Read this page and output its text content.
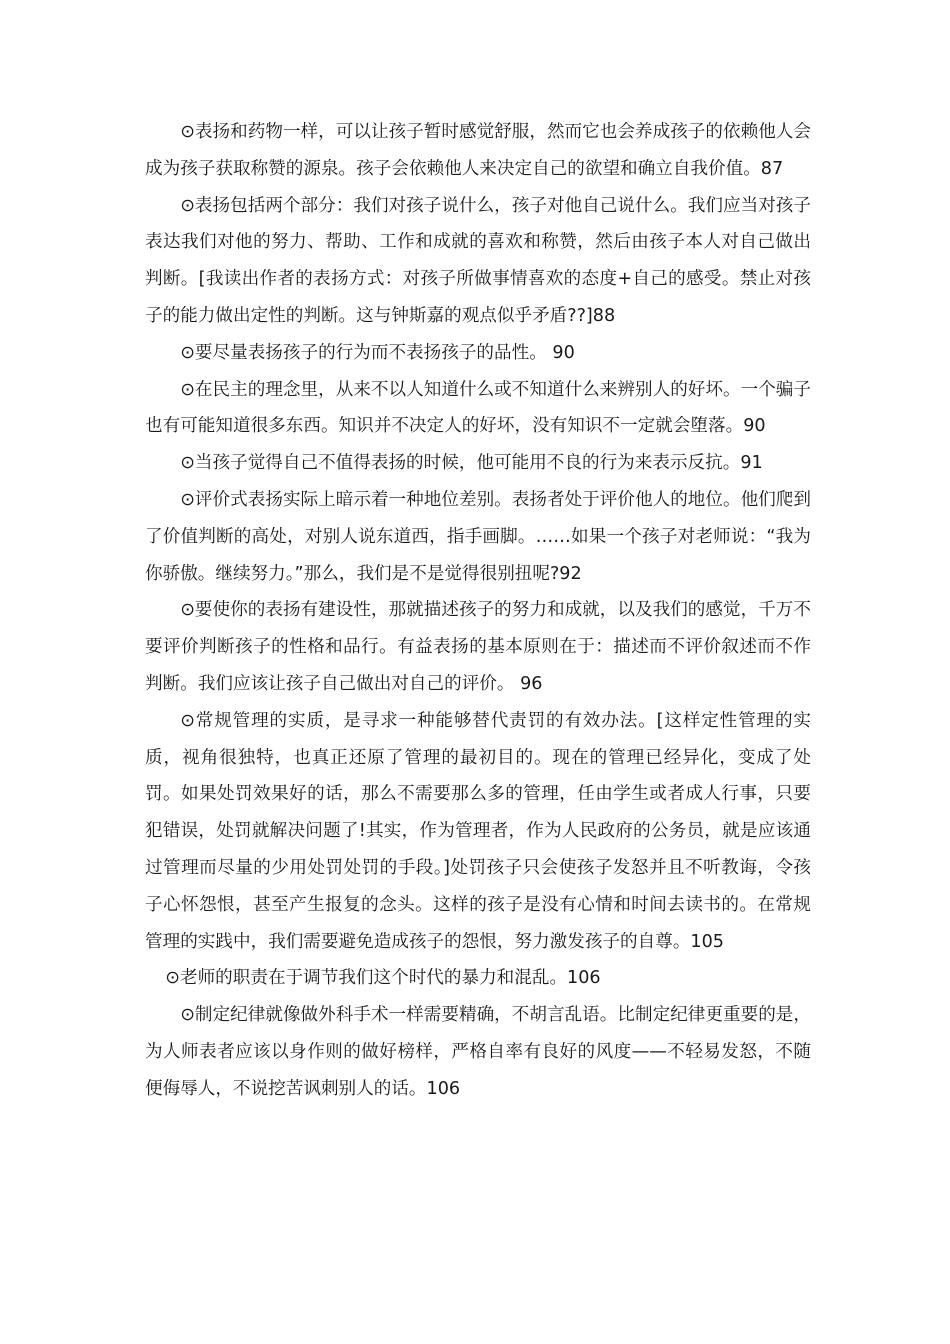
⊙表扬和药物一样，可以让孩子暂时感觉舒服，然而它也会养成孩子的依赖他人会成为孩子获取称赞的源泉。孩子会依赖他人来决定自己的欲望和确立自我价值。87

⊙表扬包括两个部分：我们对孩子说什么，孩子对他自己说什么。我们应当对孩子表达我们对他的努力、帮助、工作和成就的喜欢和称赞，然后由孩子本人对自己做出判断。[我读出作者的表扬方式：对孩子所做事情喜欢的态度+自己的感受。禁止对孩子的能力做出定性的判断。这与钟斯嘉的观点似乎矛盾??]88

⊙要尽量表扬孩子的行为而不表扬孩子的品性。 90

⊙在民主的理念里，从来不以人知道什么或不知道什么来辨别人的好坏。一个骗子也有可能知道很多东西。知识并不决定人的好坏，没有知识不一定就会堕落。90

⊙当孩子觉得自己不值得表扬的时候，他可能用不良的行为来表示反抗。91

⊙评价式表扬实际上暗示着一种地位差别。表扬者处于评价他人的地位。他们爬到了价值判断的高处，对别人说东道西，指手画脚。……如果一个孩子对老师说：“我为你骄傲。继续努力。”那么，我们是不是觉得很别扭呢?92

⊙要使你的表扬有建设性，那就描述孩子的努力和成就，以及我们的感觉，千万不要评价判断孩子的性格和品行。有益表扬的基本原则在于：描述而不评价叙述而不作判断。我们应该让孩子自己做出对自己的评价。 96

⊙常规管理的实质，是寻求一种能够替代责罚的有效办法。[这样定性管理的实质，视角很独特，也真正还原了管理的最初目的。现在的管理已经异化，变成了处罚。如果处罚效果好的话，那么不需要那么多的管理，任由学生或者成人行事，只要犯错误，处罚就解决问题了!其实，作为管理者，作为人民政府的公务员，就是应该通过管理而尽量的少用处罚处罚的手段。]处罚孩子只会使孩子发怒并且不听教诲，令孩子心怀怨恨，甚至产生报复的念头。这样的孩子是没有心情和时间去读书的。在常规管理的实践中，我们需要避免造成孩子的怨恨，努力激发孩子的自尊。105

⊙老师的职责在于调节我们这个时代的暴力和混乱。106

⊙制定纪律就像做外科手术一样需要精确，不胡言乱语。比制定纪律更重要的是，为人师表者应该以身作则的做好榜样，严格自率有良好的风度——不轻易发怒，不随便侮辱人，不说挖苦讽刺别人的话。106
